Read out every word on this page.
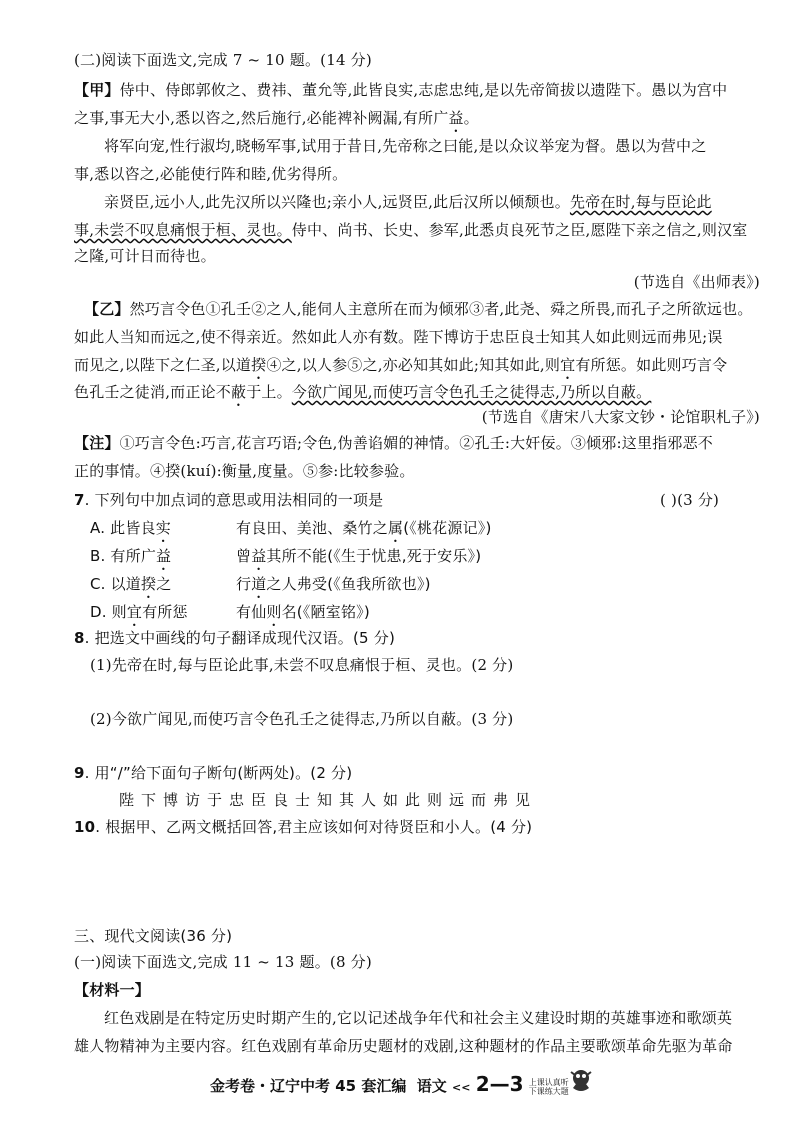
(二)阅读下面选文,完成 7 ~ 10 题。(14 分)
【甲】侍中、侍郎郭攸之、费祎、董允等,此皆良实,志虑忠纯,是以先帝简拔以遗陛下。愚以为宫中
之事,事无大小,悉以咨之,然后施行,必能裨补阙漏,有所广益。
将军向宠,性行淑均,晓畅军事,试用于昔日,先帝称之曰能,是以众议举宠为督。愚以为营中之
事,悉以咨之,必能使行阵和睦,优劣得所。
亲贤臣,远小人,此先汉所以兴隆也;亲小人,远贤臣,此后汉所以倾颓也。先帝在时,每与臣论此
事,未尝不叹息痛恨于桓、灵也。侍中、尚书、长史、参军,此悉贞良死节之臣,愿陛下亲之信之,则汉室
之隆,可计日而待也。
(节选自《出师表》)
【乙】然巧言令色①孔壬②之人,能伺人主意所在而为倾邪③者,此尧、舜之所畏,而孔子之所欲远也。
如此人当知而远之,使不得亲近。然如此人亦有数。陛下博访于忠臣良士知其人如此则远而弗见;误
而见之,以陛下之仁圣,以道揆④之,以人参⑤之,亦必知其如此;知其如此,则宜有所惩。如此则巧言令
色孔壬之徒消,而正论不蔽于上。今欲广闻见,而使巧言令色孔壬之徒得志,乃所以自蔽。
(节选自《唐宋八大家文钞・论馆职札子》)
【注】①巧言令色:巧言,花言巧语;令色,伪善谄媚的神情。②孔壬:大奸佞。③倾邪:这里指邪恶不
正的事情。④揆(kuí):衡量,度量。⑤参:比较参验。
7. 下列句中加点词的意思或用法相同的一项是	( )(3 分)
A. 此皆良实	有良田、美池、桑竹之属(《桃花源记》)
B. 有所广益	曾益其所不能(《生于忧患,死于安乐》)
C. 以道揆之	行道之人弗受(《鱼我所欲也》)
D. 则宜有所惩	有仙则名(《陋室铭》)
8. 把选文中画线的句子翻译成现代汉语。(5 分)
(1)先帝在时,每与臣论此事,未尝不叹息痛恨于桓、灵也。(2 分)
(2)今欲广闻见,而使巧言令色孔壬之徒得志,乃所以自蔽。(3 分)
9. 用“/”给下面句子断句(断两处)。(2 分)
陛下博访于忠臣良士知其人如此则远而弗见
10. 根据甲、乙两文概括回答,君主应该如何对待贤臣和小人。(4 分)
三、现代文阅读(36 分)
(一)阅读下面选文,完成 11 ~ 13 题。(8 分)
【材料一】
红色戏剧是在特定历史时期产生的,它以记述战争年代和社会主义建设时期的英雄事迹和歌颂英
雄人物精神为主要内容。红色戏剧有革命历史题材的戏剧,这种题材的作品主要歌颂革命先驱为革命
金考卷・辽宁中考 45 套汇编 语文 << 2—3 上课认真听
下课练大题
